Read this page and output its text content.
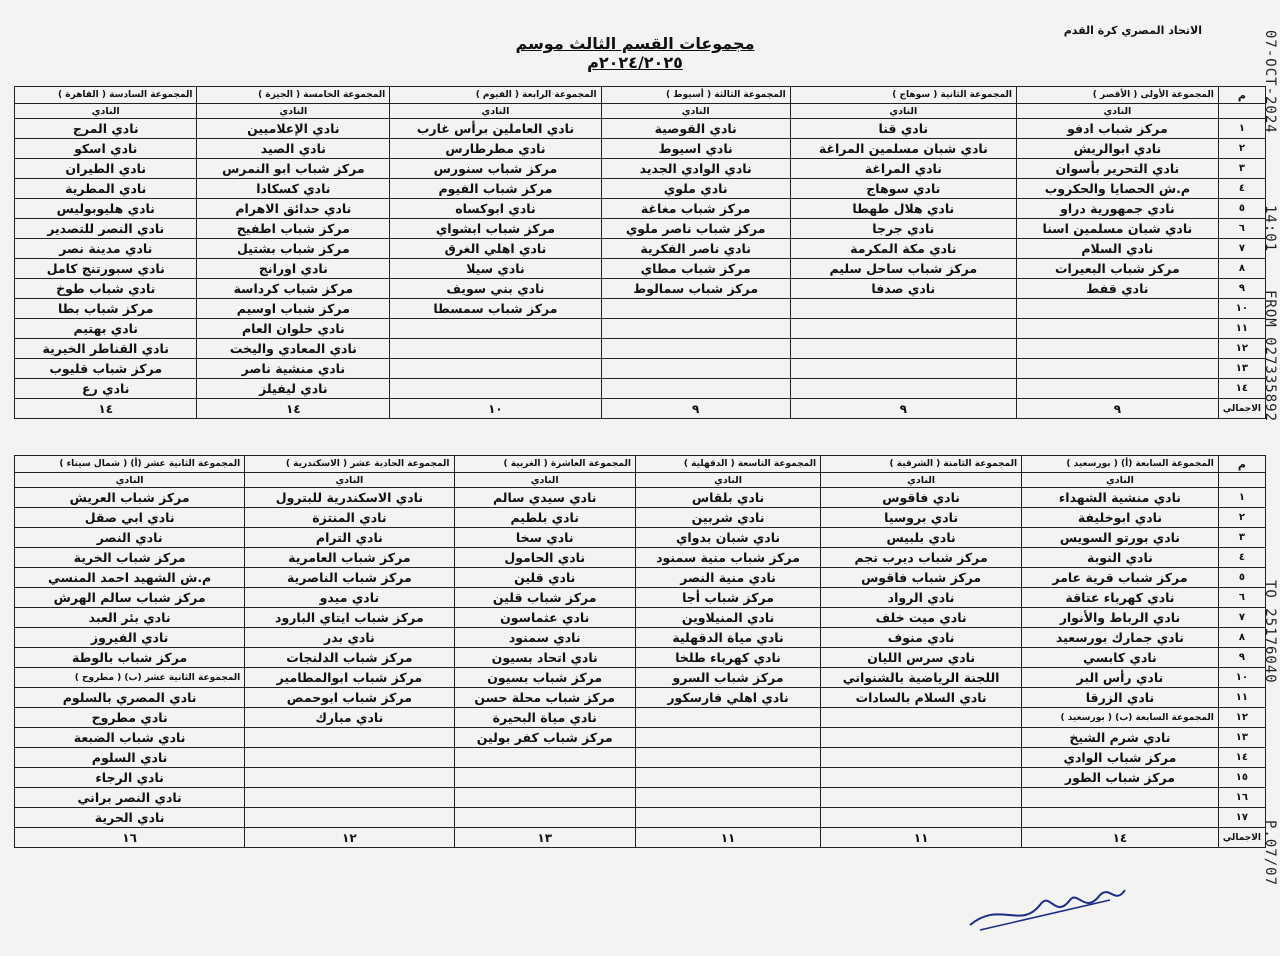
07-OCT-2024
14:01
FROM 027335892
TO 25176040
P.07/07
الاتحاد المصري كرة القدم
مجموعات القسم الثالث موسم ٢٠٢٤/٢٠٢٥م
م	المجموعة الأولى ( الأقصر )	المجموعة الثانية ( سوهاج )	المجموعة الثالثة ( أسيوط )	المجموعة الرابعة ( الفيوم )	المجموعة الخامسة ( الجيزة )	المجموعة السادسة ( القاهرة )
	النادي	النادي	النادي	النادي	النادي	النادي
١	مركز شباب ادفو	نادي قنا	نادي القوصية	نادي العاملين برأس غارب	نادي الإعلاميين	نادي المرج
٢	نادي ابوالريش	نادي شبان مسلمين المراغة	نادي اسيوط	نادي مطرطارس	نادي الصيد	نادي اسكو
٣	نادي التحرير بأسوان	نادي المراغة	نادي الوادي الجديد	مركز شباب سنورس	مركز شباب ابو النمرس	نادي الطيران
٤	م.ش الحصايا والحكروب	نادي سوهاج	نادي ملوي	مركز شباب الفيوم	نادي كسكادا	نادي المطرية
٥	نادي جمهورية دراو	نادي هلال طهطا	مركز شباب مغاغة	نادي ابوكساه	نادي حدائق الاهرام	نادي هليوبوليس
٦	نادي شبان مسلمين اسنا	نادي جرجا	مركز شباب ناصر ملوي	مركز شباب ابشواي	مركز شباب اطفيح	نادي النصر للتصدير
٧	نادي السلام	نادي مكة المكرمة	نادي ناصر الفكرية	نادي اهلي الغرق	مركز شباب بشتيل	نادي مدينة نصر
٨	مركز شباب البعيرات	مركز شباب ساحل سليم	مركز شباب مطاي	نادي سيلا	نادي اورانج	نادي سبورتنج كامل
٩	نادي قفط	نادي صدفا	مركز شباب سمالوط	نادي بني سويف	مركز شباب كرداسة	نادي شباب طوخ
١٠				مركز شباب سمسطا	مركز شباب اوسيم	مركز شباب بطا
١١					نادي حلوان العام	نادي بهتيم
١٢					نادي المعادي واليخت	نادي القناطر الخيرية
١٣					نادي منشية ناصر	مركز شباب قليوب
١٤					نادي ليفيلز	نادي رع
الاجمالي	٩	٩	٩	١٠	١٤	١٤
م	المجموعة السابعة (أ) ( بورسعيد )	المجموعة الثامنة ( الشرقية )	المجموعة التاسعة ( الدقهلية )	المجموعة العاشرة ( الغربية )	المجموعة الحادية عشر ( الاسكندرية )	المجموعة الثانية عشر (أ) ( شمال سيناء )
	النادي	النادي	النادي	النادي	النادي	النادي
١	نادي منشية الشهداء	نادي فاقوس	نادي بلقاس	نادي سيدي سالم	نادي الاسكندرية للبترول	مركز شباب العريش
٢	نادي ابوخليفة	نادي بروسيا	نادي شربين	نادي بلطيم	نادي المنتزة	نادي ابي صقل
٣	نادي بورتو السويس	نادي بلبيس	نادي شبان بدواي	نادي سخا	نادي الترام	نادي النصر
٤	نادي النوبة	مركز شباب ديرب نجم	مركز شباب منية سمنود	نادي الحامول	مركز شباب العامرية	مركز شباب الخرية
٥	مركز شباب قرية عامر	مركز شباب فاقوس	نادي منية النصر	نادي قلين	مركز شباب الناصرية	م.ش الشهيد احمد المنسي
٦	نادي كهرباء عتاقة	نادي الرواد	مركز شباب أجا	مركز شباب قلين	نادي ميدو	مركز شباب سالم الهرش
٧	نادي الرباط والأنوار	نادي ميت خلف	نادي المنيلاوين	نادي عثماسون	مركز شباب ايتاي البارود	نادي بئر العبد
٨	نادي جمارك بورسعيد	نادي منوف	نادي مياة الدقهلية	نادي سمنود	نادي بدر	نادي الفيروز
٩	نادي كابسي	نادي سرس الليان	نادي كهرباء طلخا	نادي اتحاد بسيون	مركز شباب الدلنجات	مركز شباب بالوطة
١٠	نادي رأس البر	اللجنة الرياضية بالشنواني	مركز شباب السرو	مركز شباب بسيون	مركز شباب ابوالمطامير	المجموعة الثانية عشر (ب) ( مطروح )

١١	نادي الزرقا	نادي السلام بالسادات	نادي اهلي فارسكور	مركز شباب محلة حسن	مركز شباب ابوحمص	نادي المصري بالسلوم
١٢	المجموعة السابعة (ب) ( بورسعيد )			نادي مياة البحيرة	نادي مبارك	نادي مطروح
١٣	نادي شرم الشيخ			مركز شباب كفر بولين		نادي شباب الضبعة
١٤	مركز شباب الوادي					نادي السلوم
١٥	مركز شباب الطور					نادي الرجاء
١٦						نادي النصر براني
١٧						نادي الحرية
الاجمالي	١٤	١١	١١	١٣	١٢	١٦
